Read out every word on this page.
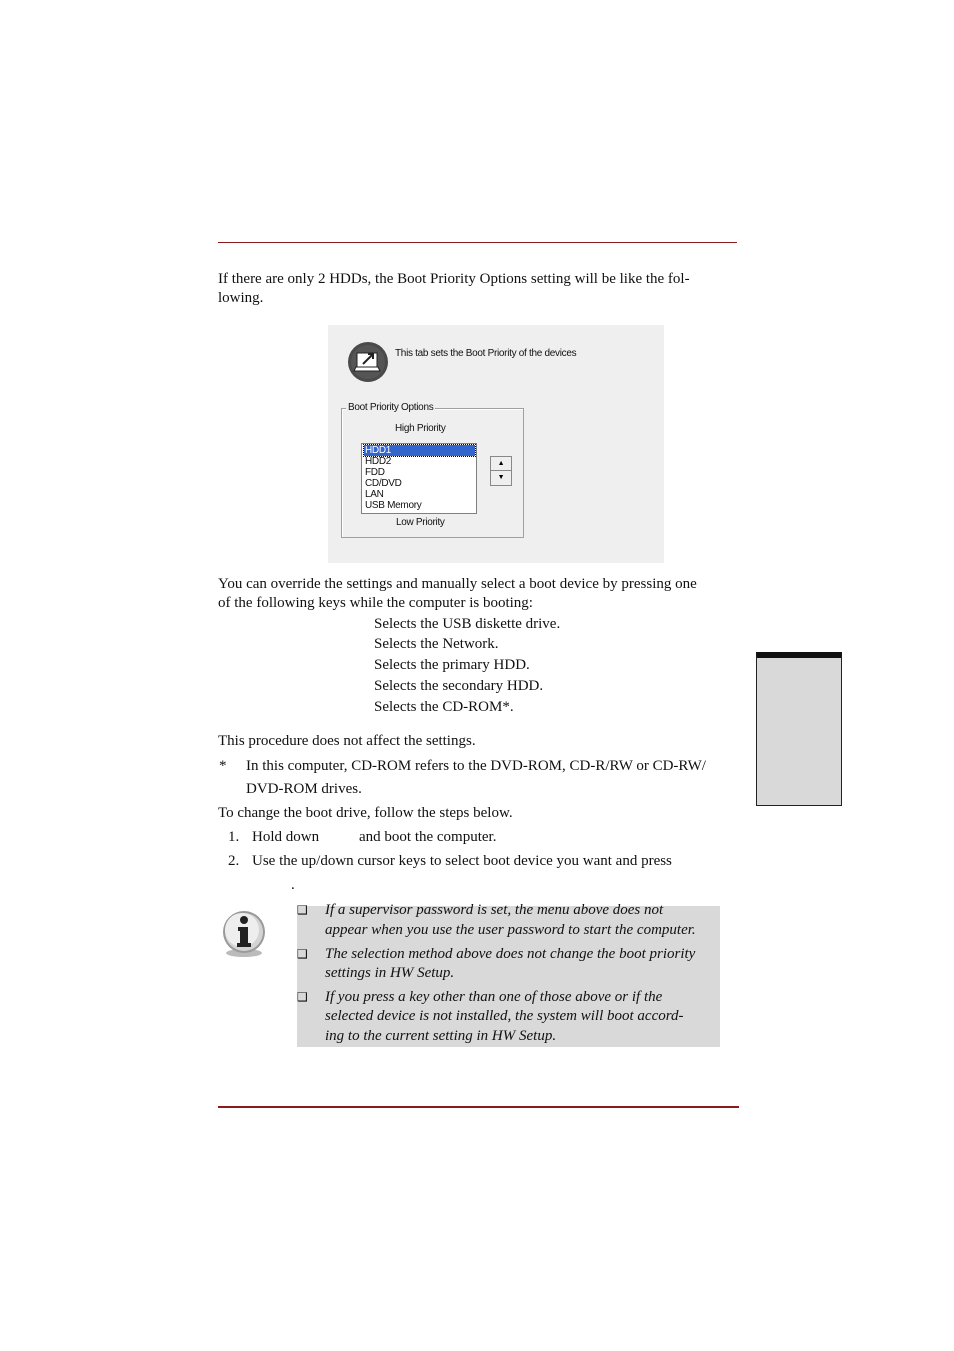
If there are only 2 HDDs, the Boot Priority Options setting will be like the fol-
lowing.
This tab sets the Boot Priority of the devices
Boot Priority Options
High Priority
HDD1
HDD2
FDD
CD/DVD
LAN
USB Memory
▲
▼
Low Priority
You can override the settings and manually select a boot device by pressing one
of the following keys while the computer is booting:
Selects the USB diskette drive.
Selects the Network.
Selects the primary HDD.
Selects the secondary HDD.
Selects the CD-ROM*.
This procedure does not affect the settings.
* In this computer, CD-ROM refers to the DVD-ROM, CD-R/RW or CD-RW/
DVD-ROM drives.
To change the boot drive, follow the steps below.
1. Hold down	and boot the computer.
2. Use the up/down cursor keys to select boot device you want and press
.
❑ If a supervisor password is set, the menu above does not
appear when you use the user password to start the computer.
❑ The selection method above does not change the boot priority
settings in HW Setup.
❑ If you press a key other than one of those above or if the
selected device is not installed, the system will boot accord-
ing to the current setting in HW Setup.
